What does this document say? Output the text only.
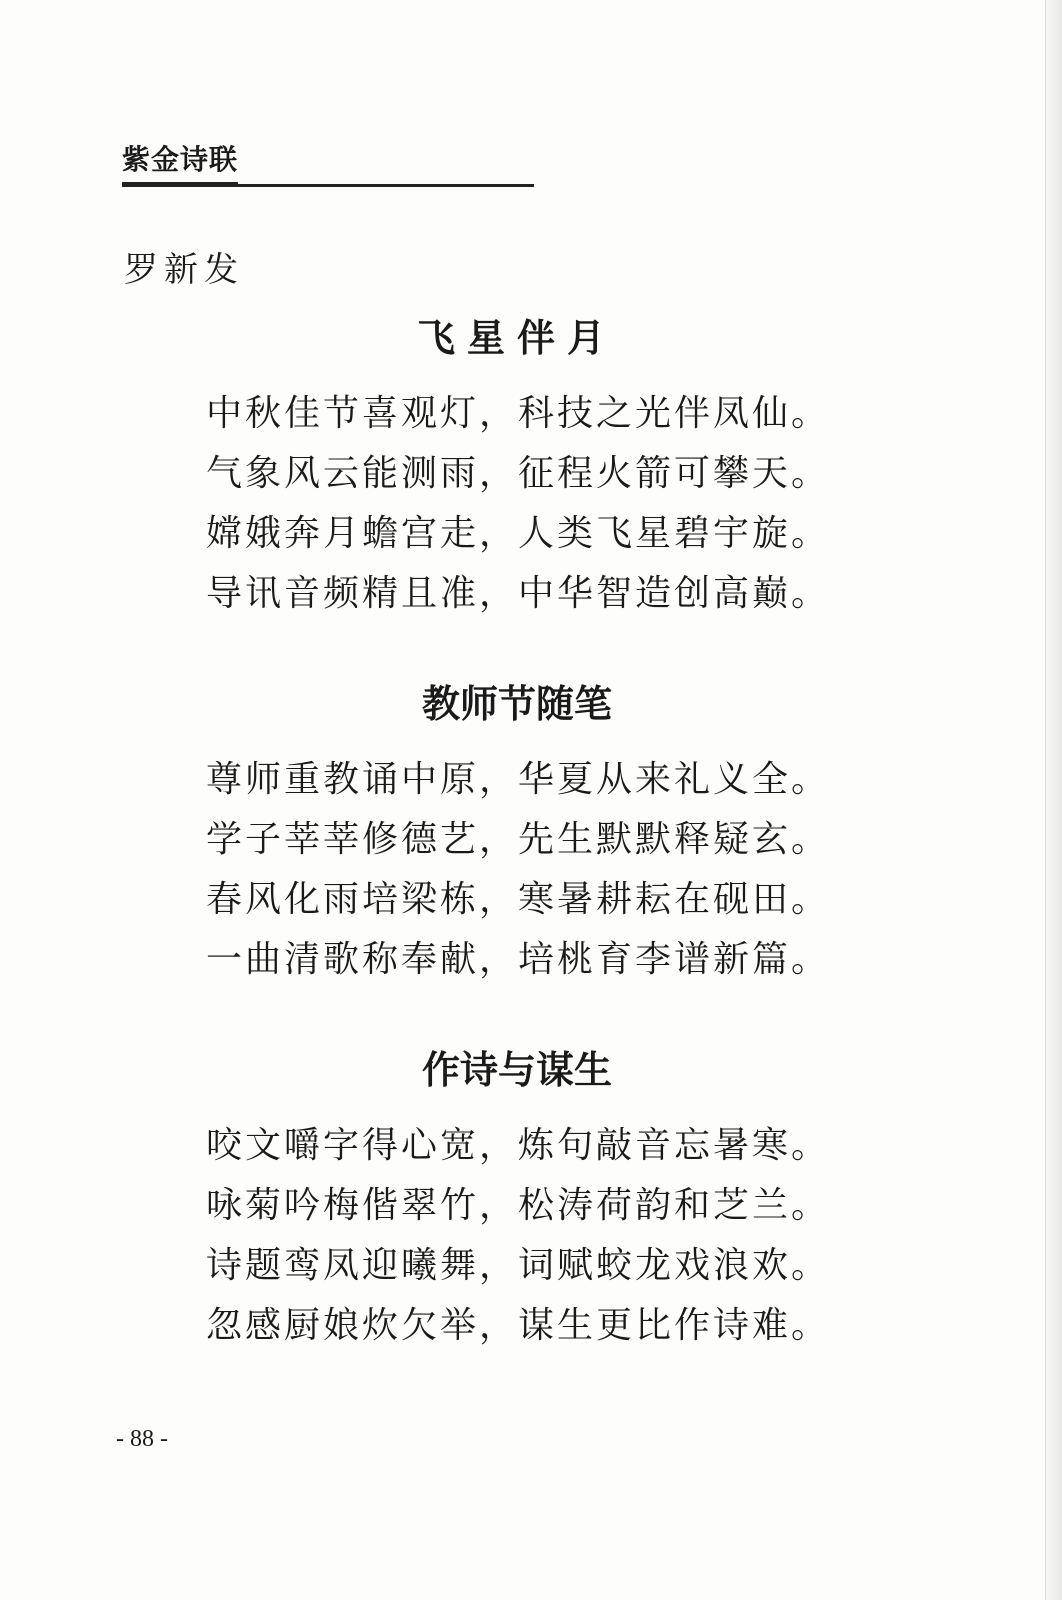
紫金诗联
罗新发
飞星伴月
中秋佳节喜观灯，科技之光伴凤仙。
气象风云能测雨，征程火箭可攀天。
嫦娥奔月蟾宫走，人类飞星碧宇旋。
导讯音频精且准，中华智造创高巅。
教师节随笔
尊师重教诵中原，华夏从来礼义全。
学子莘莘修德艺，先生默默释疑玄。
春风化雨培梁栋，寒暑耕耘在砚田。
一曲清歌称奉献，培桃育李谱新篇。
作诗与谋生
咬文嚼字得心宽，炼句敲音忘暑寒。
咏菊吟梅偕翠竹，松涛荷韵和芝兰。
诗题鸾凤迎曦舞，词赋蛟龙戏浪欢。
忽感厨娘炊欠举，谋生更比作诗难。
- 88 -
